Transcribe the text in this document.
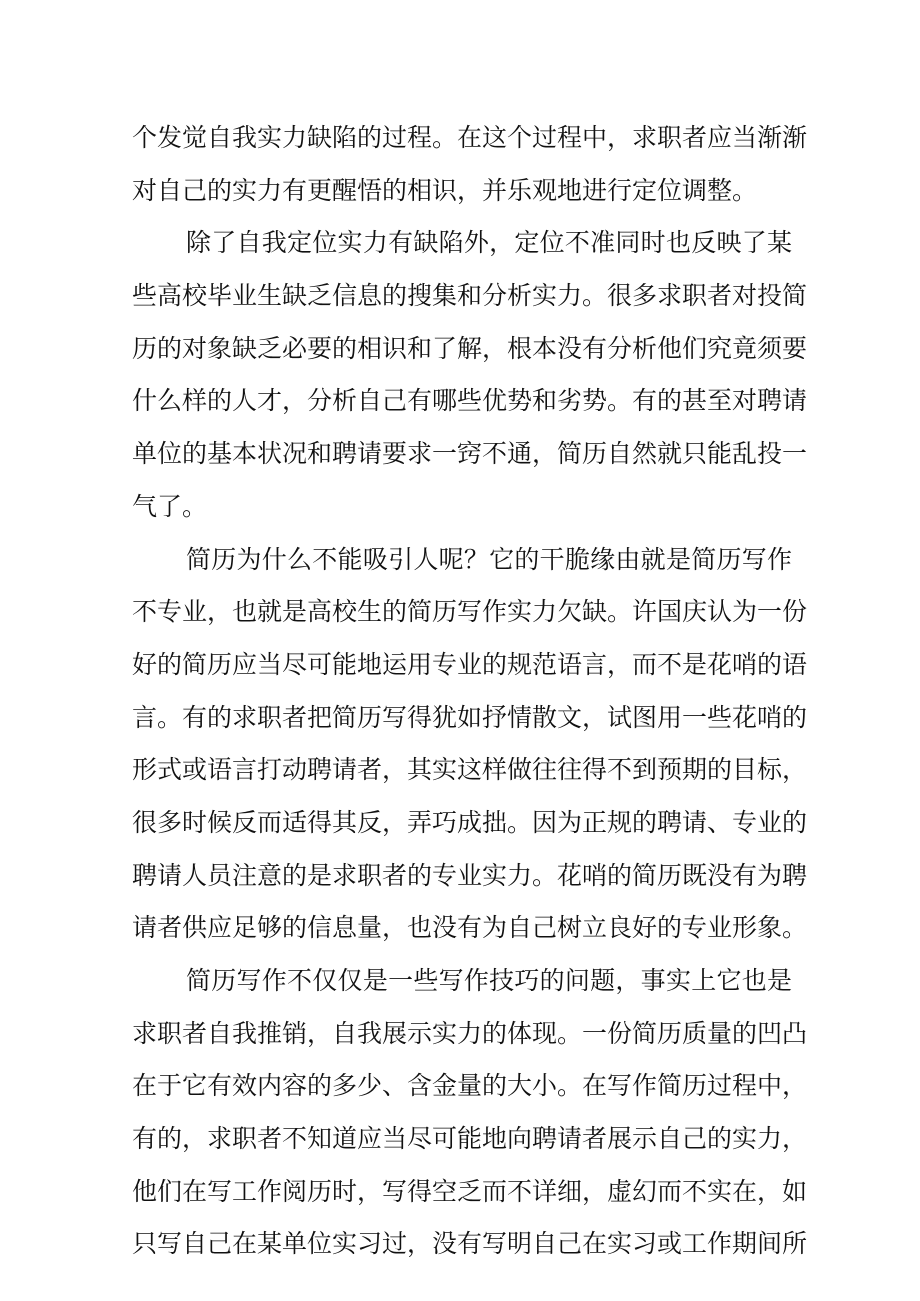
个发觉自我实力缺陷的过程。在这个过程中，求职者应当渐渐
对自己的实力有更醒悟的相识，并乐观地进行定位调整。
除了自我定位实力有缺陷外，定位不准同时也反映了某
些高校毕业生缺乏信息的搜集和分析实力。很多求职者对投简
历的对象缺乏必要的相识和了解，根本没有分析他们究竟须要
什么样的人才，分析自己有哪些优势和劣势。有的甚至对聘请
单位的基本状况和聘请要求一窍不通，简历自然就只能乱投一
气了。
简历为什么不能吸引人呢？它的干脆缘由就是简历写作
不专业，也就是高校生的简历写作实力欠缺。许国庆认为一份
好的简历应当尽可能地运用专业的规范语言，而不是花哨的语
言。有的求职者把简历写得犹如抒情散文，试图用一些花哨的
形式或语言打动聘请者，其实这样做往往得不到预期的目标，
很多时候反而适得其反，弄巧成拙。因为正规的聘请、专业的
聘请人员注意的是求职者的专业实力。花哨的简历既没有为聘
请者供应足够的信息量，也没有为自己树立良好的专业形象。
简历写作不仅仅是一些写作技巧的问题，事实上它也是
求职者自我推销，自我展示实力的体现。一份简历质量的凹凸
在于它有效内容的多少、含金量的大小。在写作简历过程中，
有的，求职者不知道应当尽可能地向聘请者展示自己的实力，
他们在写工作阅历时，写得空乏而不详细，虚幻而不实在，如
只写自己在某单位实习过，没有写明自己在实习或工作期间所
